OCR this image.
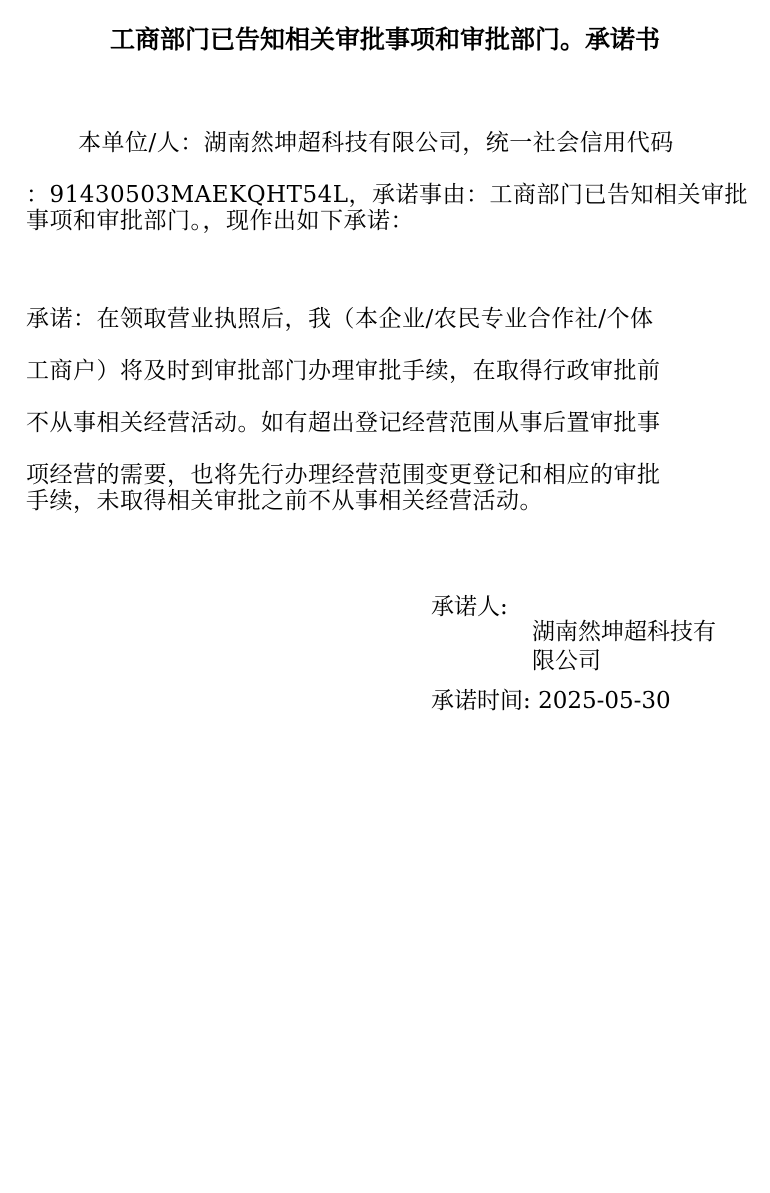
工商部门已告知相关审批事项和审批部门。承诺书
本单位/人：湖南然坤超科技有限公司，统一社会信用代码
：91430503MAEKQHT54L，承诺事由：工商部门已告知相关审批
事项和审批部门。，现作出如下承诺：
承诺：在领取营业执照后，我（本企业/农民专业合作社/个体
工商户）将及时到审批部门办理审批手续，在取得行政审批前
不从事相关经营活动。如有超出登记经营范围从事后置审批事
项经营的需要，也将先行办理经营范围变更登记和相应的审批
手续，未取得相关审批之前不从事相关经营活动。
承诺人:
湖南然坤超科技有限公司
承诺时间: 2025-05-30
